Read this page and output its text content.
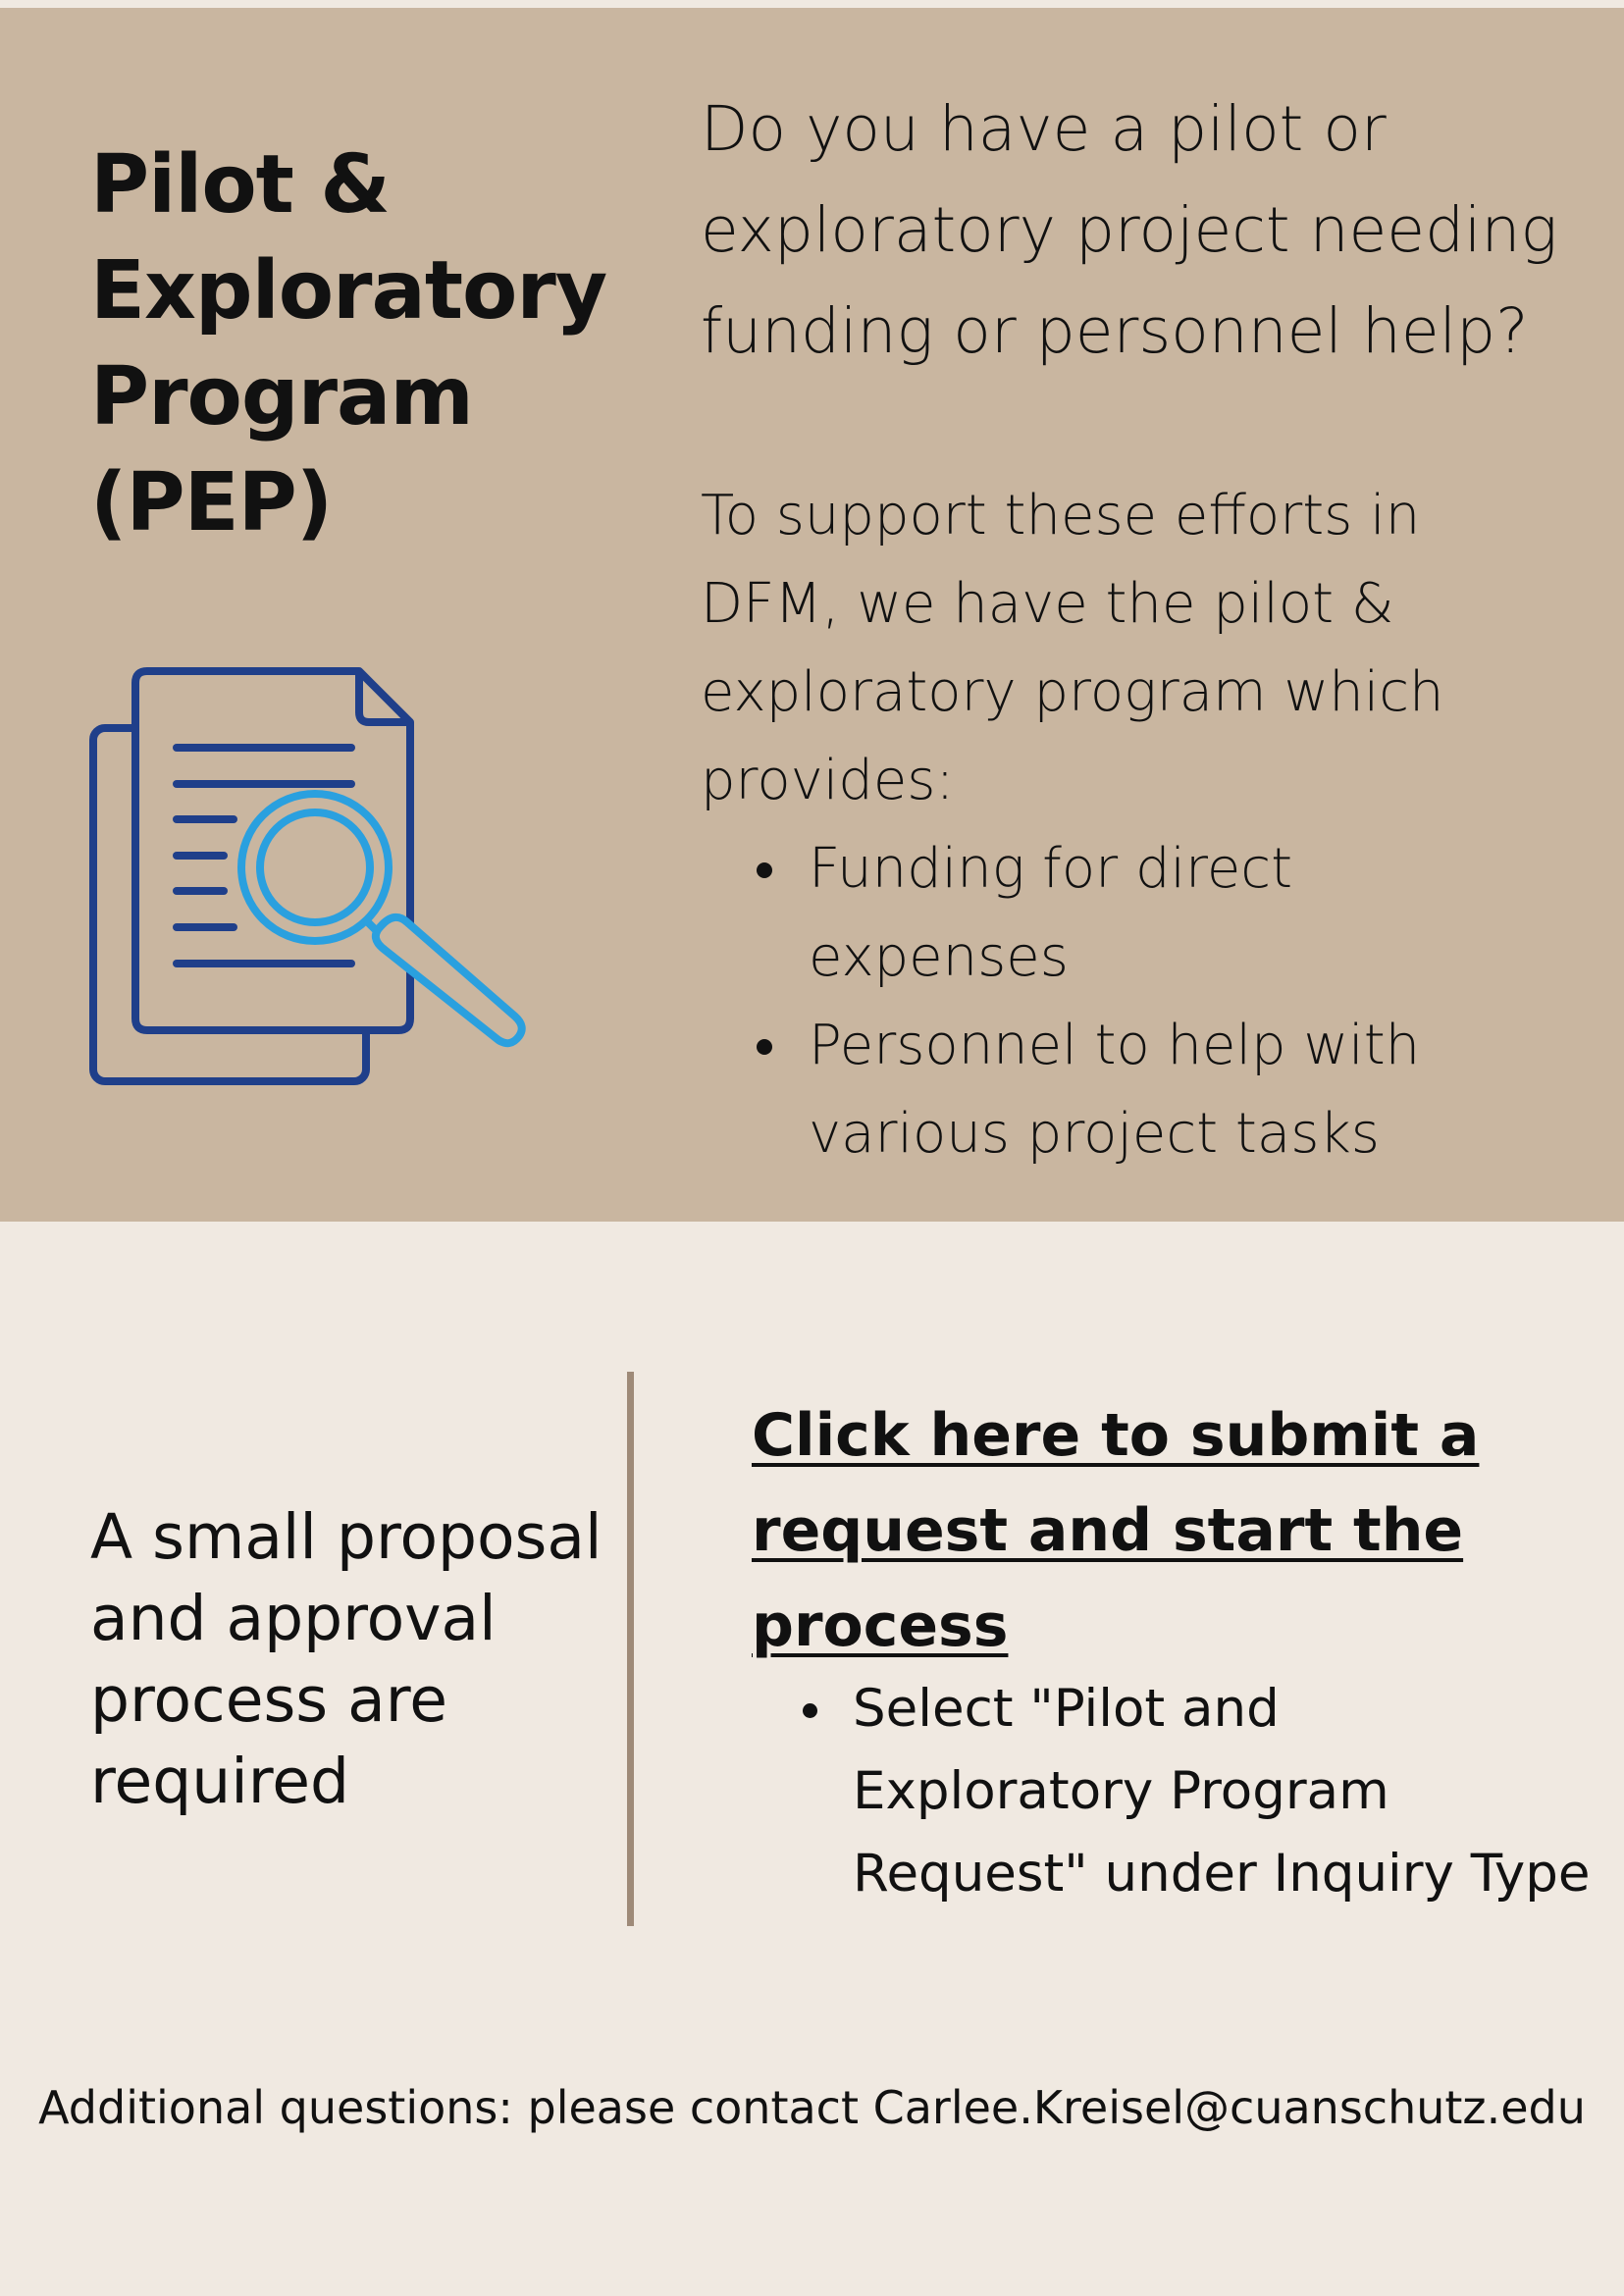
Pilot &
Exploratory
Program
(PEP)

Do you have a pilot or
exploratory project needing
funding or personnel help?

To support these efforts in
DFM, we have the pilot &
exploratory program which
provides:

Funding for direct
expenses
Personnel to help with
various project tasks

A small proposal
and approval
process are
required

Click here to submit a
request and start the
process
Select "Pilot and
Exploratory Program
Request" under Inquiry Type

Additional questions: please contact Carlee.Kreisel@cuanschutz.edu
